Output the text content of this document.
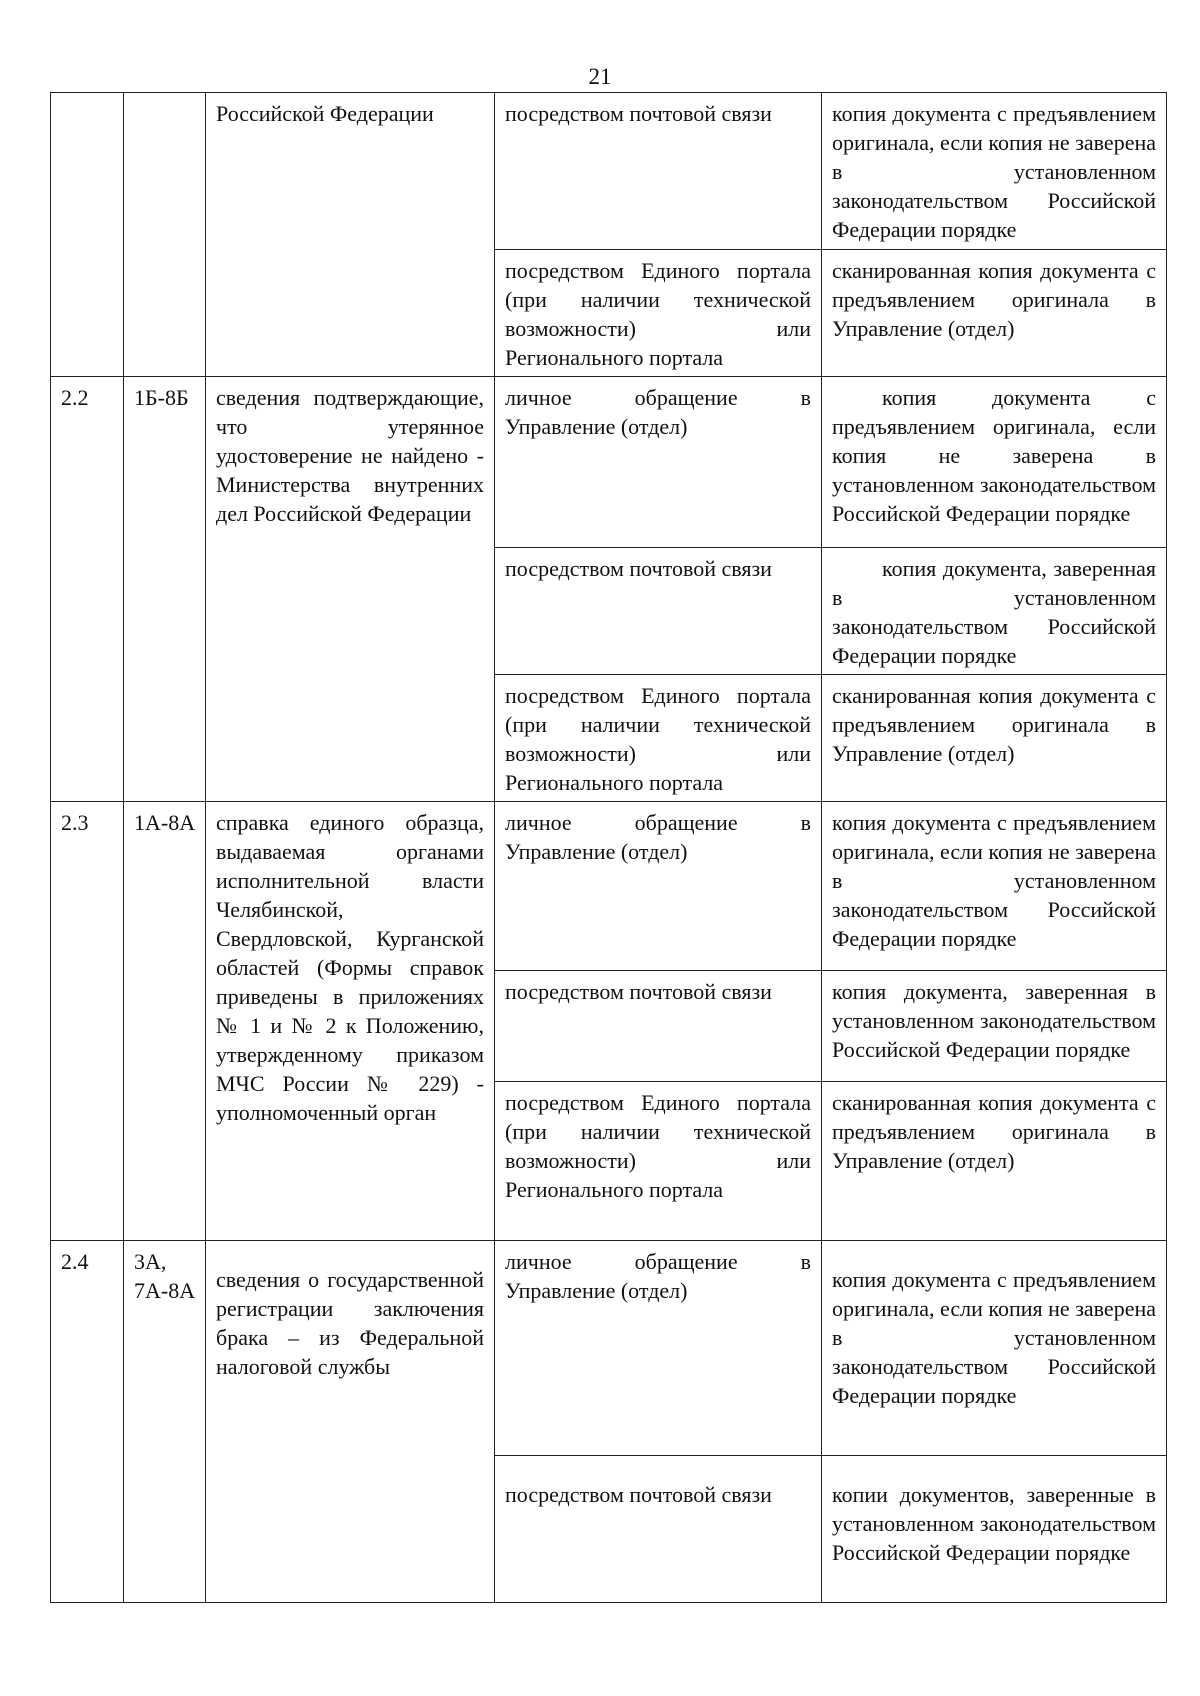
21
		Российской Федерации	посредством почтовой связи	копия документа с предъявлением оригинала, если копия не заверена в установленном законодательством Российской Федерации порядке
			посредством Единого портала (при наличии технической возможности) или Регионального портала	сканированная копия документа с предъявлением оригинала в Управление (отдел)
2.2	1Б-8Б	сведения подтверждающие, что утерянное удостоверение не найдено - Министерства внутренних дел Российской Федерации	личное обращение в Управление (отдел)	копия документа с предъявлением оригинала, если копия не заверена в установленном законодательством Российской Федерации порядке
			посредством почтовой связи	копия документа, заверенная в установленном законодательством Российской Федерации порядке
			посредством Единого портала (при наличии технической возможности) или Регионального портала	сканированная копия документа с предъявлением оригинала в Управление (отдел)
2.3	1А-8А	справка единого образца, выдаваемая органами исполнительной власти Челябинской, Свердловской, Курганской областей (Формы справок приведены в приложениях № 1 и № 2 к Положению, утвержденному приказом МЧС России № 229) - уполномоченный орган	личное обращение в Управление (отдел)	копия документа с предъявлением оригинала, если копия не заверена в установленном законодательством Российской Федерации порядке
			посредством почтовой связи	копия документа, заверенная в установленном законодательством Российской Федерации порядке
			посредством Единого портала (при наличии технической возможности) или Регионального портала	сканированная копия документа с предъявлением оригинала в Управление (отдел)
2.4	3А, 7А-8А	сведения о государственной регистрации заключения брака – из Федеральной налоговой службы	личное обращение в Управление (отдел)	копия документа с предъявлением оригинала, если копия не заверена в установленном законодательством Российской Федерации порядке
			посредством почтовой связи	копии документов, заверенные в установленном законодательством Российской Федерации порядке
